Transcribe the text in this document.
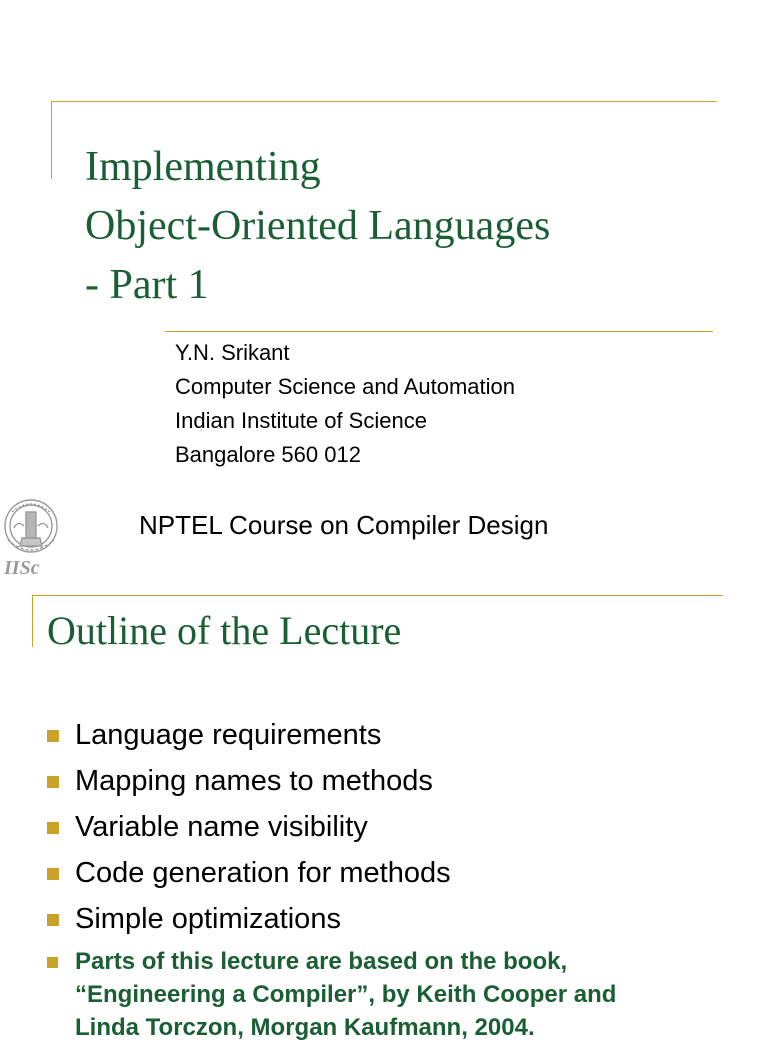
Implementing
Object-Oriented Languages
- Part 1
Y.N. Srikant
Computer Science and Automation
Indian Institute of Science
Bangalore 560 012
IISc
NPTEL Course on Compiler Design
Outline of the Lecture
Language requirements
Mapping names to methods
Variable name visibility
Code generation for methods
Simple optimizations
Parts of this lecture are based on the book,
“Engineering a Compiler”, by Keith Cooper and
Linda Torczon, Morgan Kaufmann, 2004.
